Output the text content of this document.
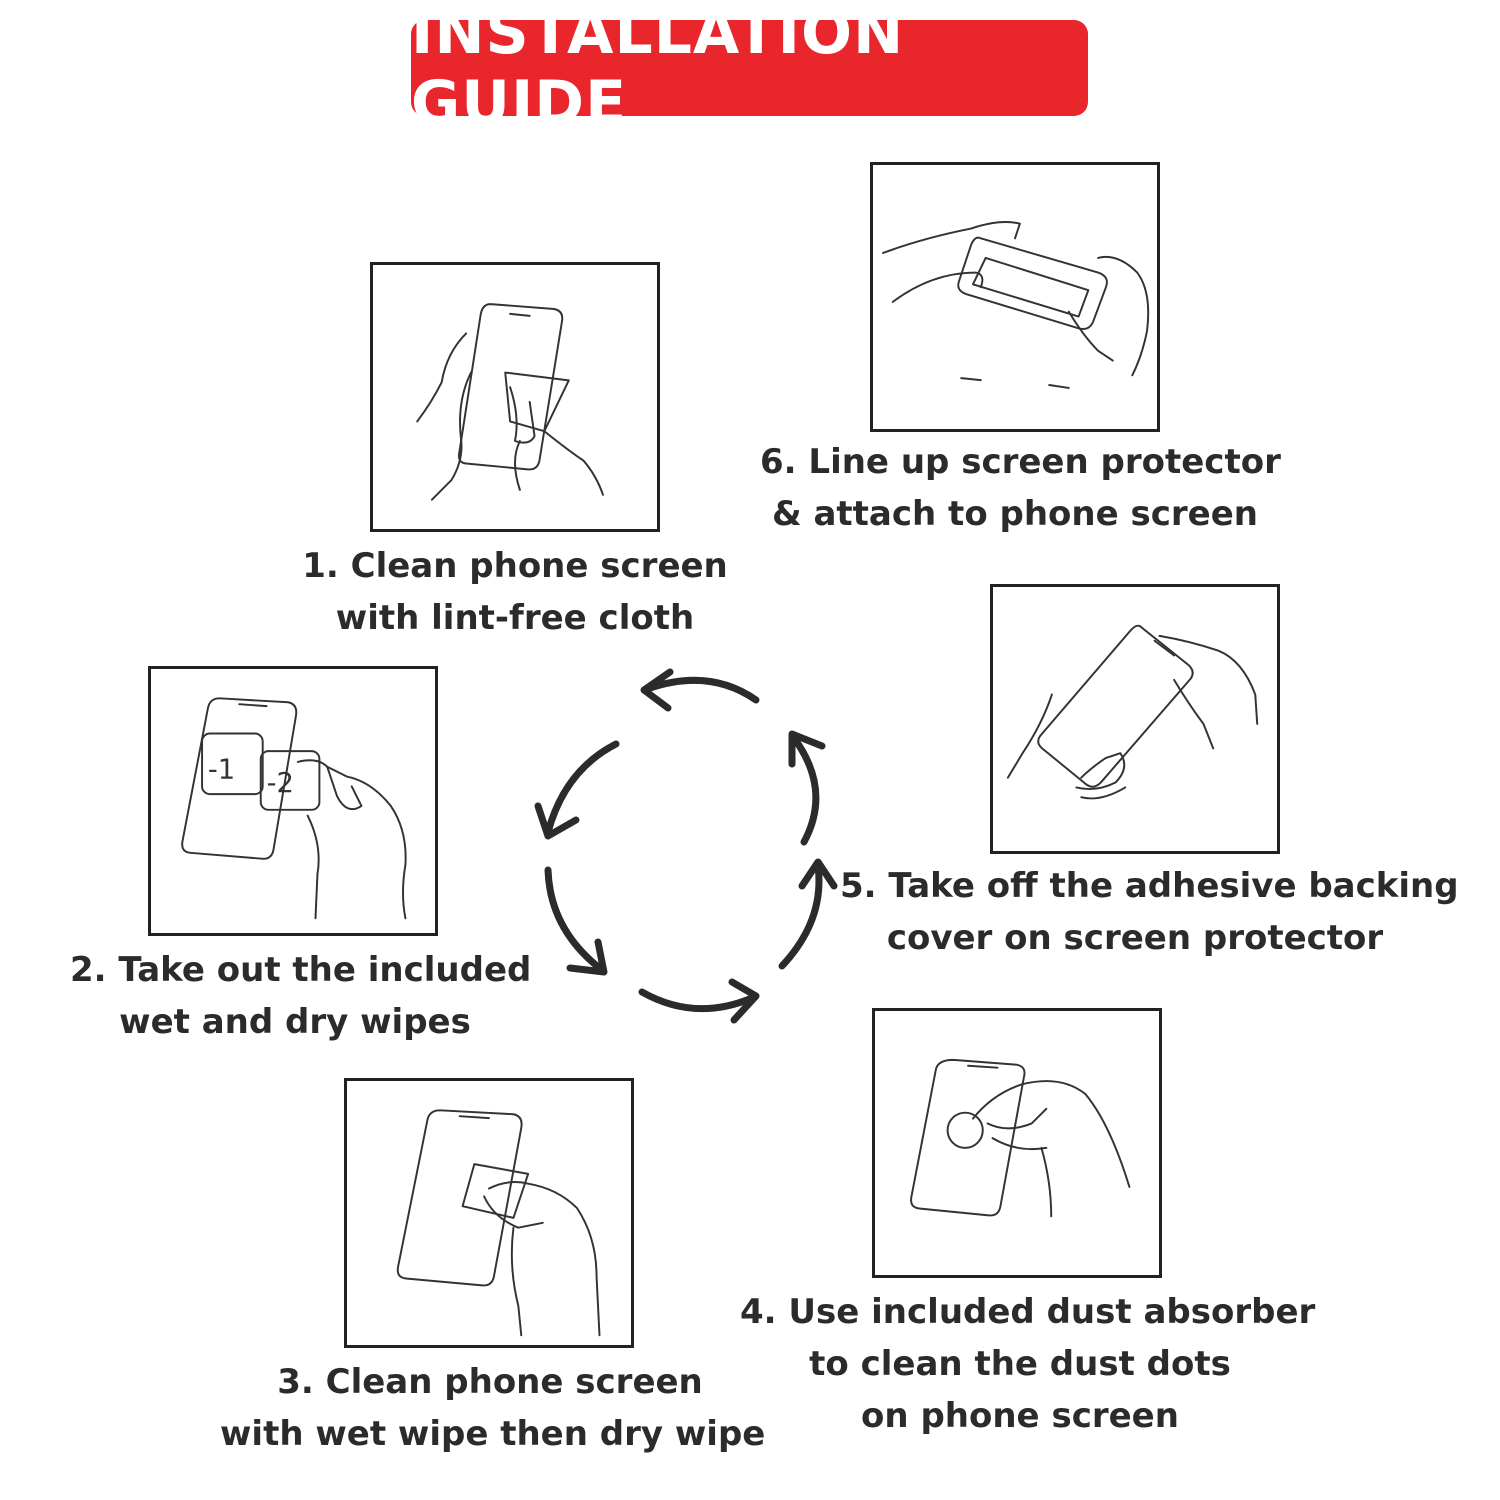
INSTALLATION GUIDE
1. Clean phone screen
with lint-free cloth
-1 -2
2. Take out the included
wet and dry wipes
3. Clean phone screen
with wet wipe then dry wipe
4. Use included dust absorber
to clean the dust dots
on phone screen
5. Take off the adhesive backing
cover on screen protector
6. Line up screen protector
& attach to phone screen
